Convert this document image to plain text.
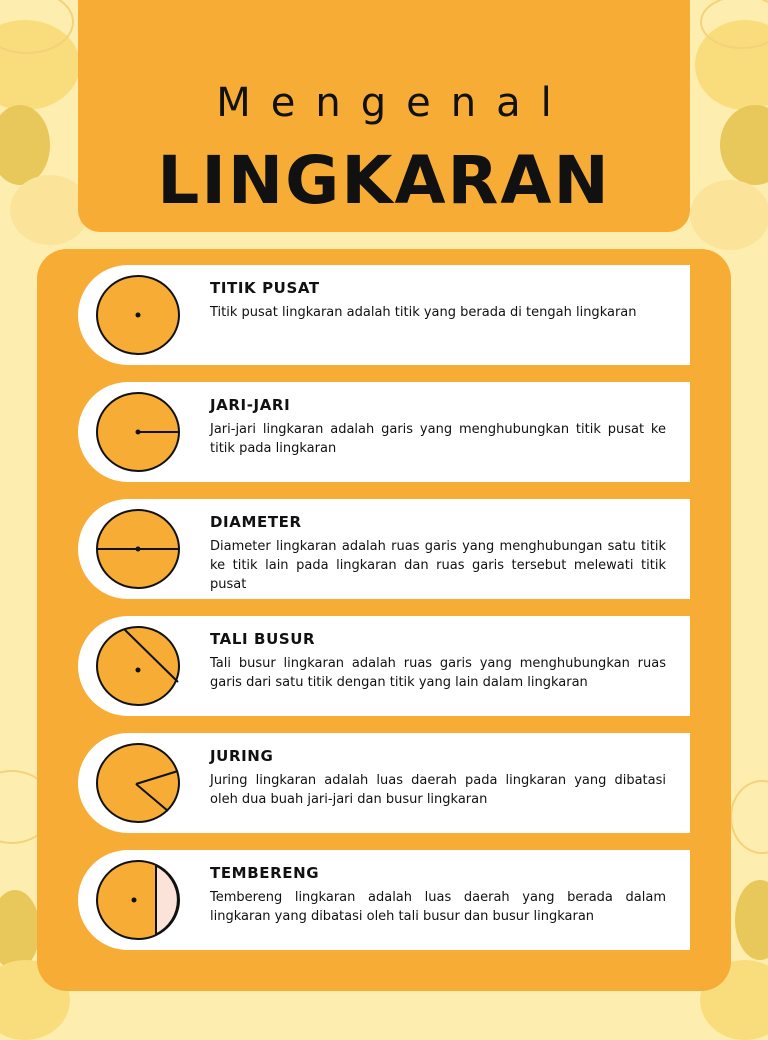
Mengenal
LINGKARAN
TITIK PUSAT
Titik pusat lingkaran adalah titik yang berada di tengah lingkaran
JARI-JARI
Jari-jari lingkaran adalah garis yang menghubungkan titik pusat ke titik pada lingkaran
DIAMETER
Diameter lingkaran adalah ruas garis yang menghubungan satu titik ke titik lain pada lingkaran dan ruas garis tersebut melewati titik pusat
TALI BUSUR
Tali busur lingkaran adalah ruas garis yang menghubungkan ruas garis dari satu titik dengan titik yang lain dalam lingkaran
JURING
Juring lingkaran adalah luas daerah pada lingkaran yang dibatasi oleh dua buah jari-jari dan busur lingkaran
TEMBERENG
Tembereng lingkaran adalah luas daerah yang berada dalam lingkaran yang dibatasi oleh tali busur dan busur lingkaran
